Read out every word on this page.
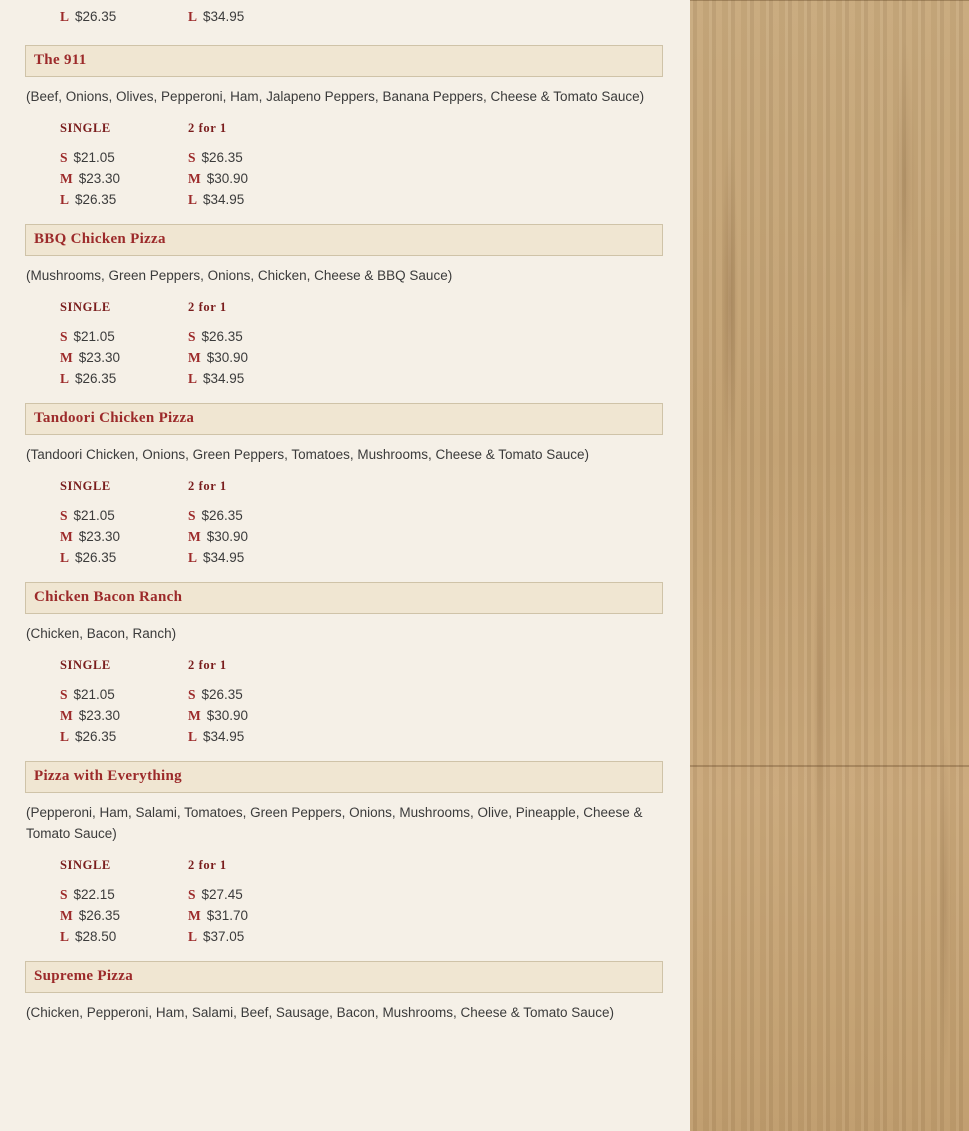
L $26.35	L $34.95
The 911
(Beef, Onions, Olives, Pepperoni, Ham, Jalapeno Peppers, Banana Peppers, Cheese & Tomato Sauce)
SINGLE	2 for 1
S $21.05	S $26.35
M $23.30	M $30.90
L $26.35	L $34.95
BBQ Chicken Pizza
(Mushrooms, Green Peppers, Onions, Chicken, Cheese & BBQ Sauce)
SINGLE	2 for 1
S $21.05	S $26.35
M $23.30	M $30.90
L $26.35	L $34.95
Tandoori Chicken Pizza
(Tandoori Chicken, Onions, Green Peppers, Tomatoes, Mushrooms, Cheese & Tomato Sauce)
SINGLE	2 for 1
S $21.05	S $26.35
M $23.30	M $30.90
L $26.35	L $34.95
Chicken Bacon Ranch
(Chicken, Bacon, Ranch)
SINGLE	2 for 1
S $21.05	S $26.35
M $23.30	M $30.90
L $26.35	L $34.95
Pizza with Everything
(Pepperoni, Ham, Salami, Tomatoes, Green Peppers, Onions, Mushrooms, Olive, Pineapple, Cheese & Tomato Sauce)
SINGLE	2 for 1
S $22.15	S $27.45
M $26.35	M $31.70
L $28.50	L $37.05
Supreme Pizza
(Chicken, Pepperoni, Ham, Salami, Beef, Sausage, Bacon, Mushrooms, Cheese & Tomato Sauce)
